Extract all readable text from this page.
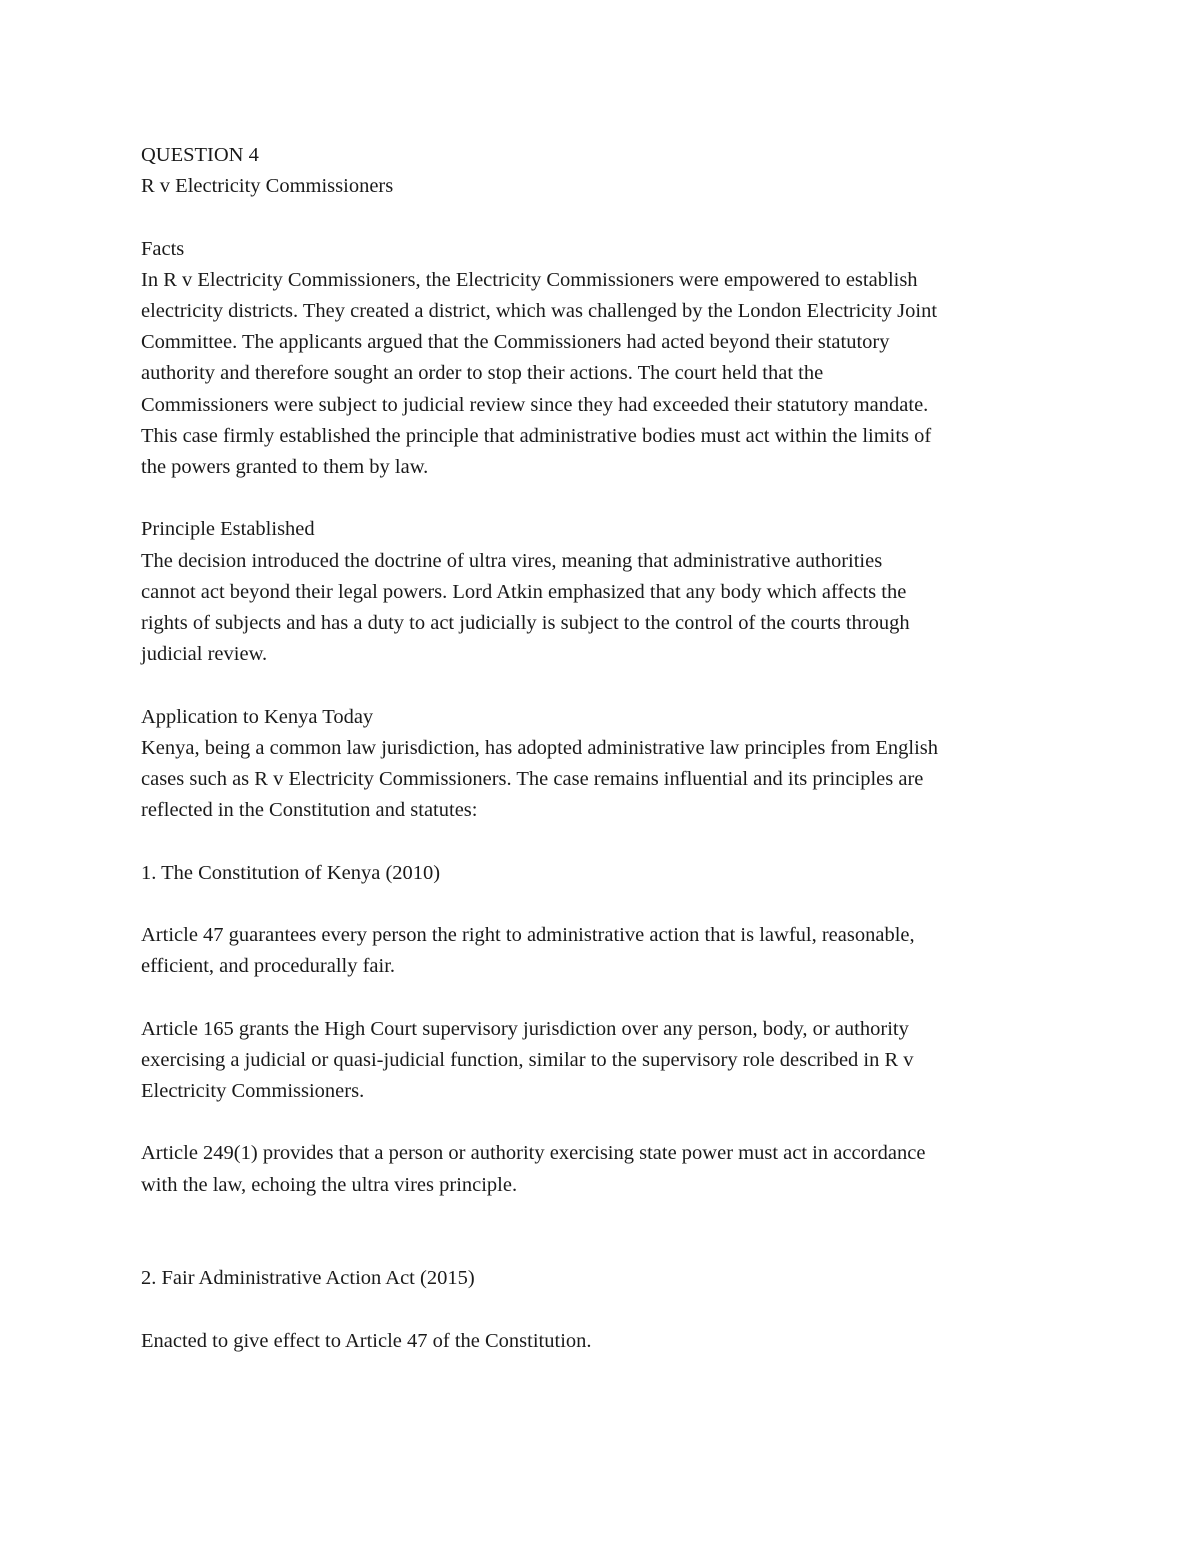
QUESTION 4
R v Electricity Commissioners
Facts
In R v Electricity Commissioners, the Electricity Commissioners were empowered to establish
electricity districts. They created a district, which was challenged by the London Electricity Joint
Committee. The applicants argued that the Commissioners had acted beyond their statutory
authority and therefore sought an order to stop their actions. The court held that the
Commissioners were subject to judicial review since they had exceeded their statutory mandate.
This case firmly established the principle that administrative bodies must act within the limits of
the powers granted to them by law.
Principle Established
The decision introduced the doctrine of ultra vires, meaning that administrative authorities
cannot act beyond their legal powers. Lord Atkin emphasized that any body which affects the
rights of subjects and has a duty to act judicially is subject to the control of the courts through
judicial review.
Application to Kenya Today
Kenya, being a common law jurisdiction, has adopted administrative law principles from English
cases such as R v Electricity Commissioners. The case remains influential and its principles are
reflected in the Constitution and statutes:
1. The Constitution of Kenya (2010)
Article 47 guarantees every person the right to administrative action that is lawful, reasonable,
efficient, and procedurally fair.
Article 165 grants the High Court supervisory jurisdiction over any person, body, or authority
exercising a judicial or quasi-judicial function, similar to the supervisory role described in R v
Electricity Commissioners.
Article 249(1) provides that a person or authority exercising state power must act in accordance
with the law, echoing the ultra vires principle.
2. Fair Administrative Action Act (2015)
Enacted to give effect to Article 47 of the Constitution.
